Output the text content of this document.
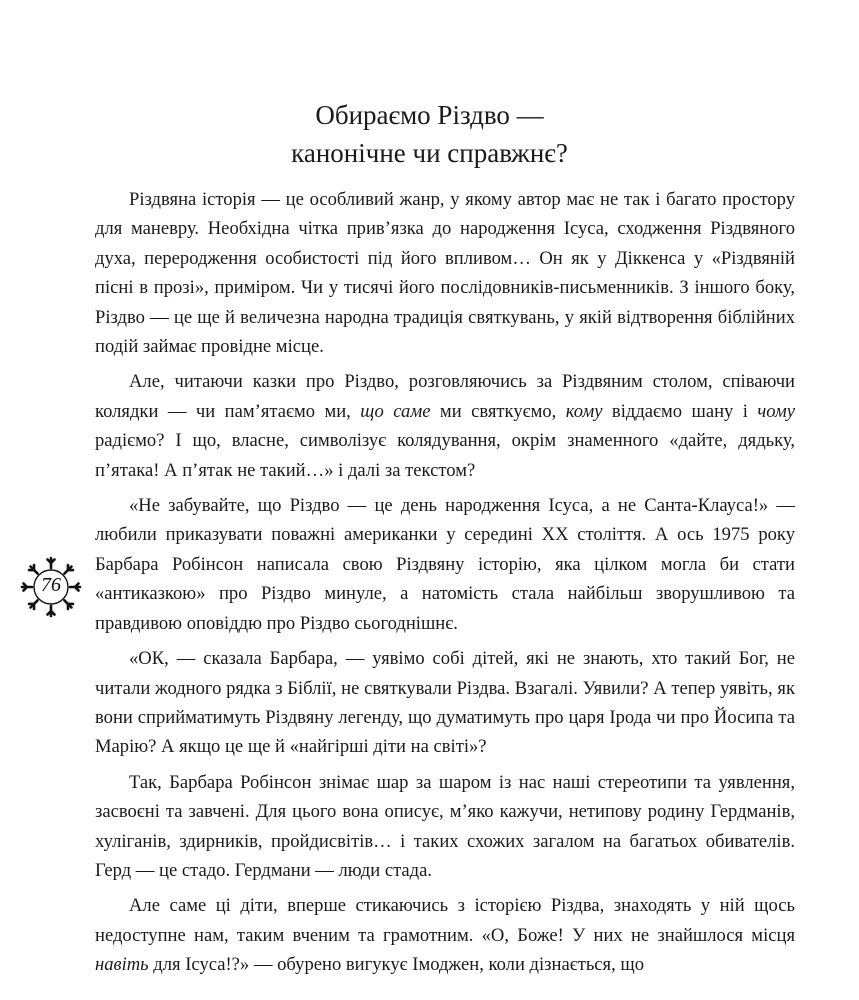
Обираємо Різдво —
канонічне чи справжнє?

Різдвяна історія — це особливий жанр, у якому автор має не так і багато простору для маневру. Необхідна чітка прив’язка до народження Ісуса, сходження Різдвяного духа, переродження особистості під його впливом… Он як у Діккенса у «Різдвяній пісні в прозі», приміром. Чи у тисячі його послідовників-письменників. З іншого боку, Різдво — це ще й величезна народна традиція святкувань, у якій відтворення біблійних подій займає провідне місце.

Але, читаючи казки про Різдво, розговляючись за Різдвяним столом, співаючи колядки — чи пам’ятаємо ми, що саме ми святкуємо, кому віддаємо шану і чому радіємо? І що, власне, символізує колядування, окрім знаменного «дайте, дядьку, п’ятака! А п’ятак не такий…» і далі за текстом?

«Не забувайте, що Різдво — це день народження Ісуса, а не Санта-Клауса!» — любили приказувати поважні американки у середині XX століття. А ось 1975 року Барбара Робінсон написала свою Різдвяну історію, яка цілком могла би стати «антиказкою» про Різдво минуле, а натомість стала найбільш зворушливою та правдивою оповіддю про Різдво сьогоднішнє.

«ОК, — сказала Барбара, — уявімо собі дітей, які не знають, хто такий Бог, не читали жодного рядка з Біблії, не святкували Різдва. Взагалі. Уявили? А тепер уявіть, як вони сприйматимуть Різдвяну легенду, що думатимуть про царя Ірода чи про Йосипа та Марію? А якщо це ще й «найгірші діти на світі»?

Так, Барбара Робінсон знімає шар за шаром із нас наші стереотипи та уявлення, засвоєні та завчені. Для цього вона описує, м’яко кажучи, нетипову родину Гердманів, хуліганів, здирників, пройдисвітів… і таких схожих загалом на багатьох обивателів. Герд — це стадо. Гердмани — люди стада.

Але саме ці діти, вперше стикаючись з історією Різдва, знаходять у ній щось недоступне нам, таким вченим та грамотним. «О, Боже! У них не знайшлося місця навіть для Ісуса!?» — обурено вигукує Імоджен, коли дізнається, що

76
